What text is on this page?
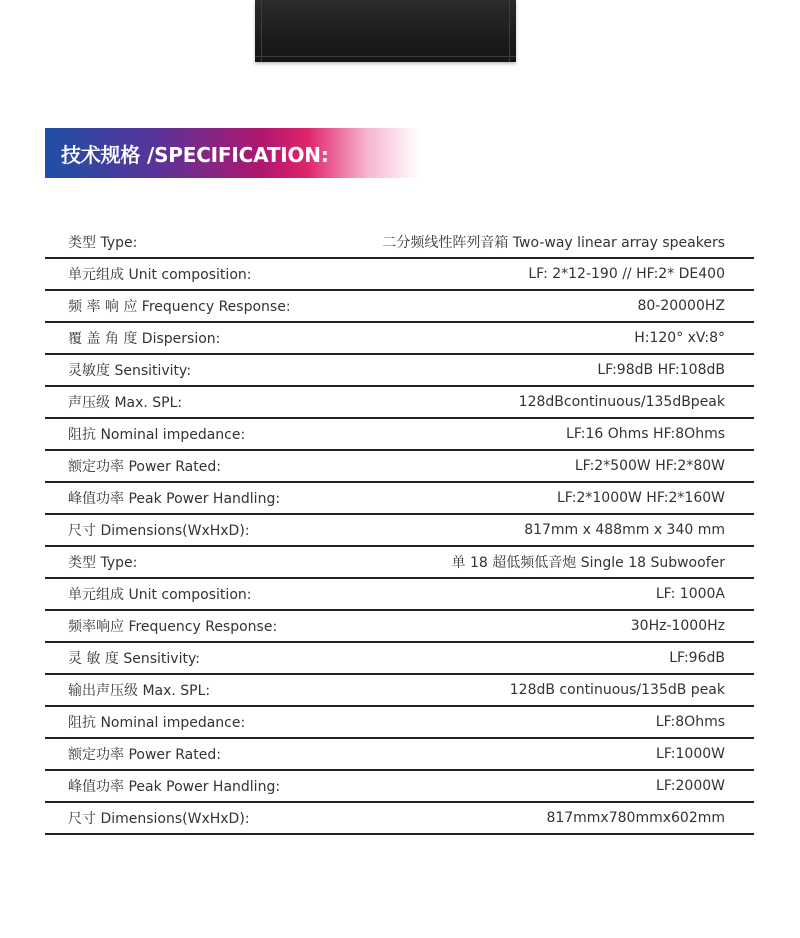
技术规格 /SPECIFICATION:
类型 Type:	二分频线性阵列音箱 Two-way linear array speakers
单元组成 Unit composition:	LF: 2*12-190 // HF:2* DE400
频 率 响 应 Frequency Response:	80-20000HZ
覆 盖 角 度 Dispersion:	H:120° xV:8°
灵敏度 Sensitivity:	LF:98dB HF:108dB
声压级 Max. SPL:	128dBcontinuous/135dBpeak
阻抗 Nominal impedance:	LF:16 Ohms HF:8Ohms
额定功率 Power Rated:	LF:2*500W HF:2*80W
峰值功率 Peak Power Handling:	LF:2*1000W HF:2*160W
尺寸 Dimensions(WxHxD):	817mm x 488mm x 340 mm
类型 Type:	单 18 超低频低音炮 Single 18 Subwoofer
单元组成 Unit composition:	LF: 1000A
频率响应 Frequency Response:	30Hz-1000Hz
灵 敏 度 Sensitivity:	LF:96dB
输出声压级 Max. SPL:	128dB continuous/135dB peak
阻抗 Nominal impedance:	LF:8Ohms
额定功率 Power Rated:	LF:1000W
峰值功率 Peak Power Handling:	LF:2000W
尺寸 Dimensions(WxHxD):	817mmx780mmx602mm
